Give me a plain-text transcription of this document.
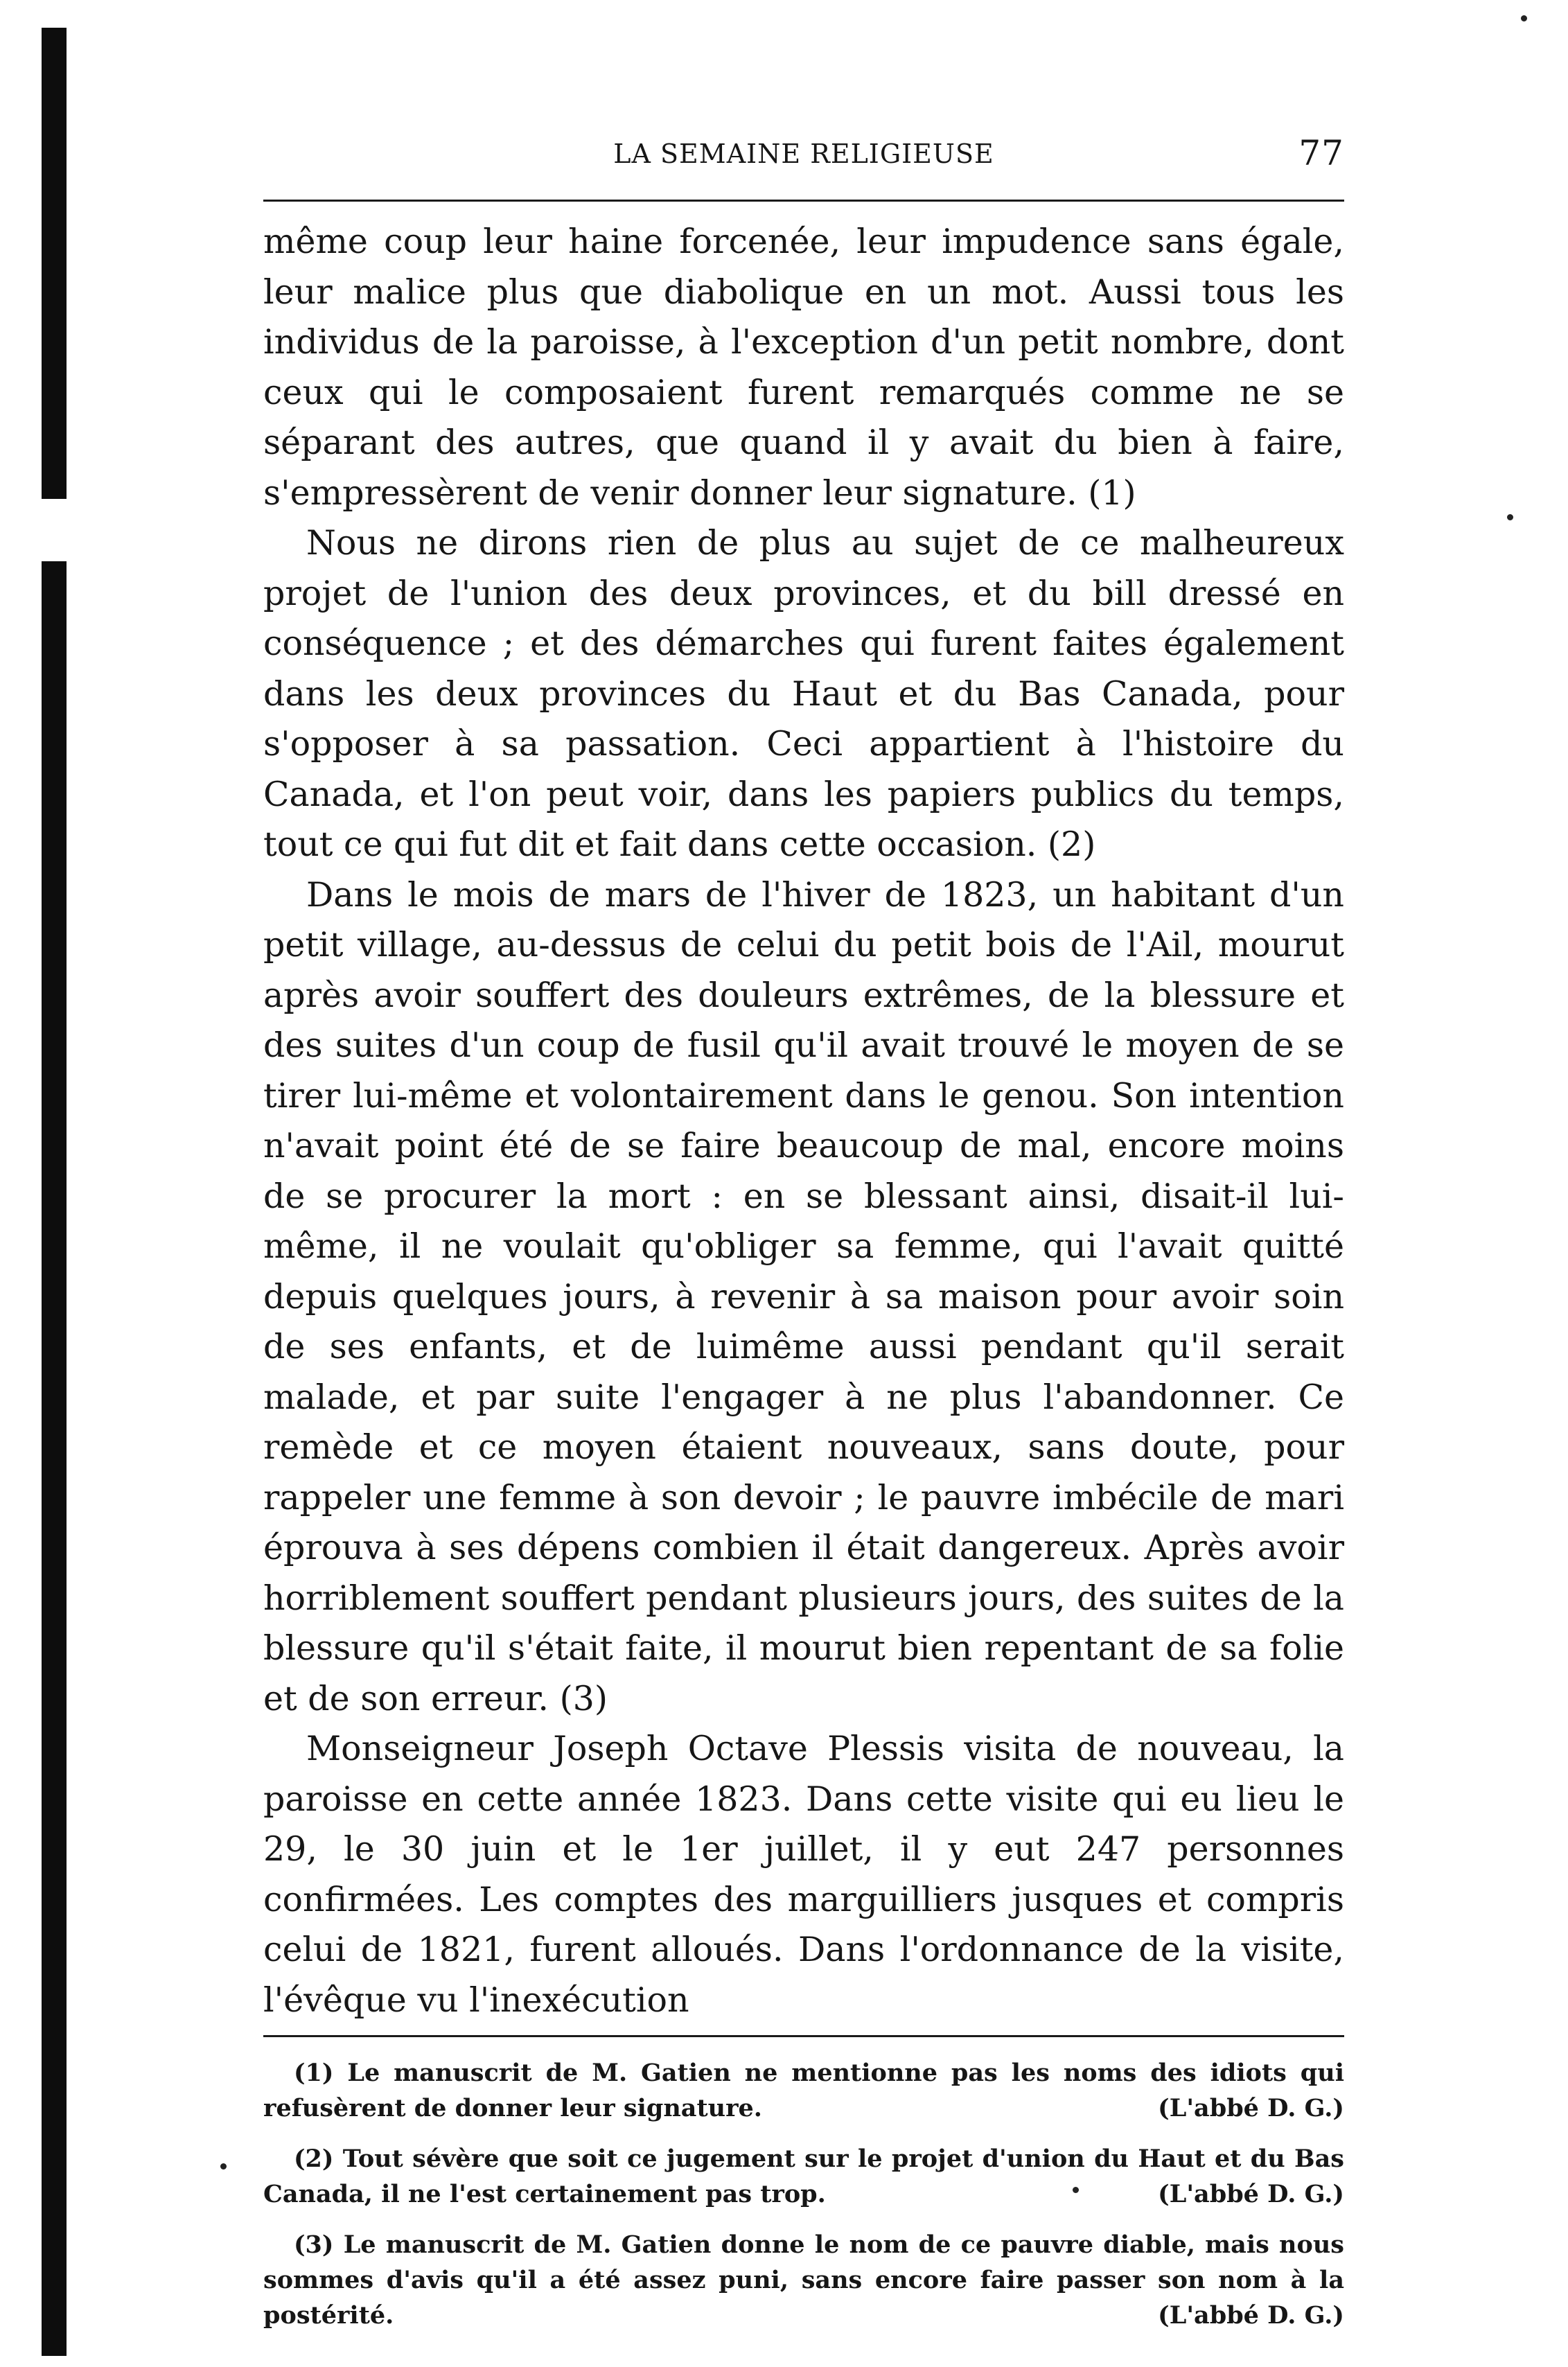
LA SEMAINE RELIGIEUSE	77

même coup leur haine forcenée, leur impudence sans égale, leur malice plus que diabolique en un mot. Aussi tous les individus de la paroisse, à l'exception d'un petit nombre, dont ceux qui le composaient furent remarqués comme ne se séparant des autres, que quand il y avait du bien à faire, s'empressèrent de venir donner leur signature. (1)

Nous ne dirons rien de plus au sujet de ce malheureux projet de l'union des deux provinces, et du bill dressé en conséquence ; et des démarches qui furent faites également dans les deux provinces du Haut et du Bas Canada, pour s'opposer à sa passation. Ceci appartient à l'histoire du Canada, et l'on peut voir, dans les papiers publics du temps, tout ce qui fut dit et fait dans cette occasion. (2)

Dans le mois de mars de l'hiver de 1823, un habitant d'un petit village, au-dessus de celui du petit bois de l'Ail, mourut après avoir souffert des douleurs extrêmes, de la blessure et des suites d'un coup de fusil qu'il avait trouvé le moyen de se tirer lui-même et volontairement dans le genou. Son intention n'avait point été de se faire beaucoup de mal, encore moins de se procurer la mort : en se blessant ainsi, disait-il lui-même, il ne voulait qu'obliger sa femme, qui l'avait quitté depuis quelques jours, à revenir à sa maison pour avoir soin de ses enfants, et de luimême aussi pendant qu'il serait malade, et par suite l'engager à ne plus l'abandonner. Ce remède et ce moyen étaient nouveaux, sans doute, pour rappeler une femme à son devoir ; le pauvre imbécile de mari éprouva à ses dépens combien il était dangereux. Après avoir horriblement souffert pendant plusieurs jours, des suites de la blessure qu'il s'était faite, il mourut bien repentant de sa folie et de son erreur. (3)

Monseigneur Joseph Octave Plessis visita de nouveau, la paroisse en cette année 1823. Dans cette visite qui eu lieu le 29, le 30 juin et le 1er juillet, il y eut 247 personnes confirmées. Les comptes des marguilliers jusques et compris celui de 1821, furent alloués. Dans l'ordonnance de la visite, l'évêque vu l'inexécution

(1) Le manuscrit de M. Gatien ne mentionne pas les noms des idiots qui refusèrent de donner leur signature.	(L'abbé D. G.)
(2) Tout sévère que soit ce jugement sur le projet d'union du Haut et du Bas Canada, il ne l'est certainement pas trop.	(L'abbé D. G.)
(3) Le manuscrit de M. Gatien donne le nom de ce pauvre diable, mais nous sommes d'avis qu'il a été assez puni, sans encore faire passer son nom à la postérité.	(L'abbé D. G.)
